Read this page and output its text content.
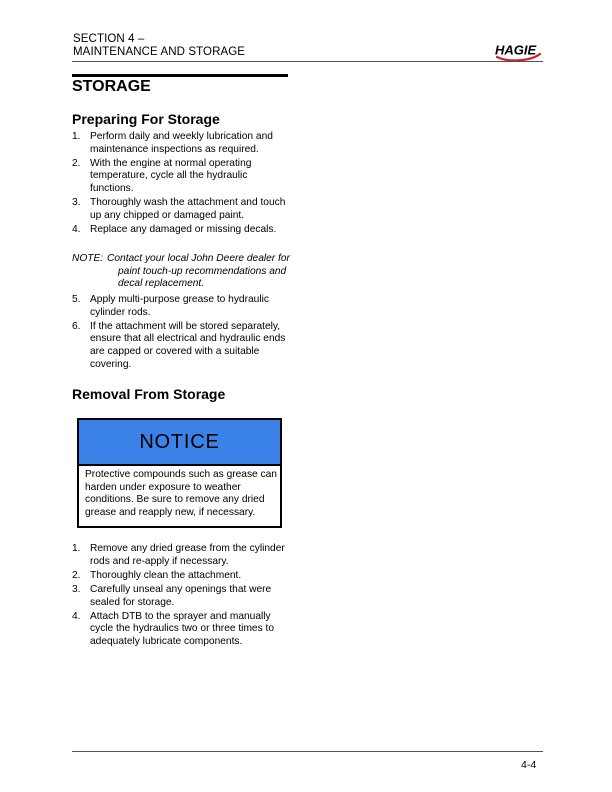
SECTION 4 –
MAINTENANCE AND STORAGE	HAGIE
STORAGE
Preparing For Storage
1. Perform daily and weekly lubrication and maintenance inspections as required.
2. With the engine at normal operating temperature, cycle all the hydraulic functions.
3. Thoroughly wash the attachment and touch up any chipped or damaged paint.
4. Replace any damaged or missing decals.
NOTE: Contact your local John Deere dealer for paint touch-up recommendations and decal replacement.
5. Apply multi-purpose grease to hydraulic cylinder rods.
6. If the attachment will be stored separately, ensure that all electrical and hydraulic ends are capped or covered with a suitable covering.
Removal From Storage
NOTICE
Protective compounds such as grease can harden under exposure to weather conditions. Be sure to remove any dried grease and reapply new, if necessary.
1. Remove any dried grease from the cylinder rods and re-apply if necessary.
2. Thoroughly clean the attachment.
3. Carefully unseal any openings that were sealed for storage.
4. Attach DTB to the sprayer and manually cycle the hydraulics two or three times to adequately lubricate components.
4-4
